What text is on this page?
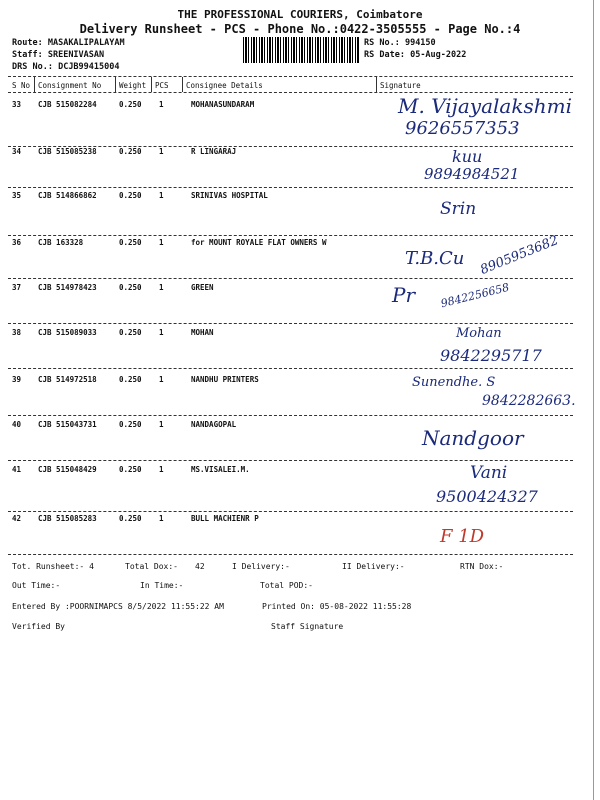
THE PROFESSIONAL COURIERS, Coimbatore
Delivery Runsheet - PCS - Phone No.:0422-3505555 - Page No.:4
Route: MASAKALIPALAYAM
Staff: SREENIVASAN
DRS No.: DCJB99415004
RS No.: 994150
RS Date: 05-Aug-2022
S No Consignment No Weight PCS Consignee Details	Signature
33 CJB 515082284	0.250 1	MOHANASUNDARAM	M. Vijayalakshmi
9626557353
34 CJB 515085238	0.250 1	R LINGARAJ	kuu
9894984521
35 CJB 514866862	0.250 1	SRINIVAS HOSPITAL
Srin
36 CJB 163328	0.250 1	for MOUNT ROYALE FLAT OWNERS W
T.B.Cu 8905953682
37 CJB 514978423	0.250 1	GREEN	Pr 9842256658
38 CJB 515089033	0.250 1	MOHAN	Mohan
9842295717
39 CJB 514972518	0.250 1	NANDHU PRINTERS	Sunendhe. S
9842282663.
40 CJB 515043731	0.250 1	NANDAGOPAL
Nandgoor
41 CJB 515048429	0.250 1	MS.VISALEI.M.	Vani
9500424327
42 CJB 515085283	0.250 1	BULL MACHIENR P
F 1D
Tot. Runsheet:- 4	Total Dox:- 42	I Delivery:-	II Delivery:-	RTN Dox:-
Out Time:-	In Time:-	Total POD:-
Entered By :POORNIMAPCS 8/5/2022 11:55:22 AM	Printed On: 05-08-2022 11:55:28
Verified By	Staff Signature
